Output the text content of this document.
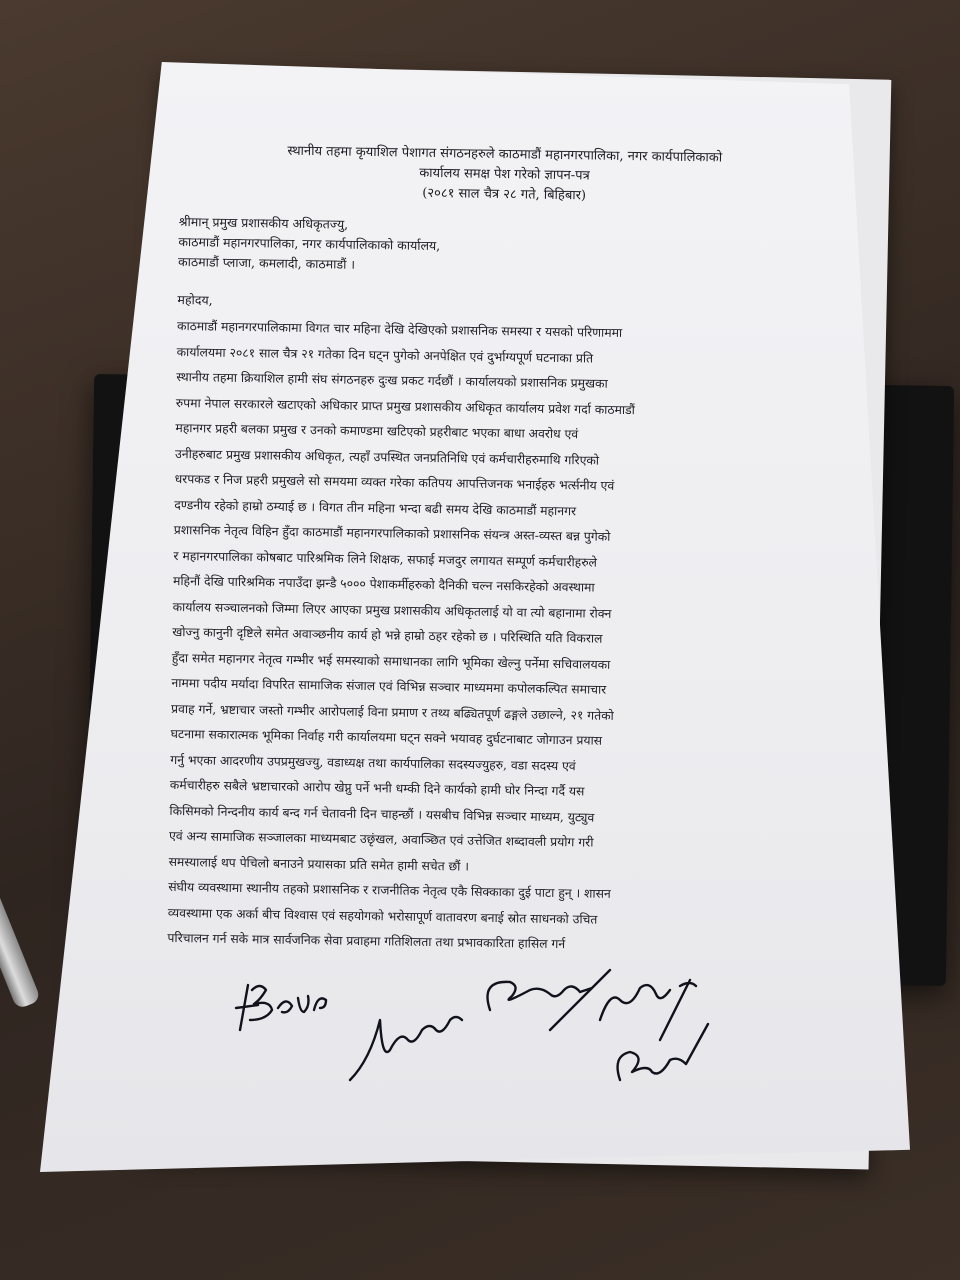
स्थानीय तहमा कृयाशिल पेशागत संगठनहरुले काठमाडौं महानगरपालिका, नगर कार्यपालिकाको
कार्यालय समक्ष पेश गरेको ज्ञापन-पत्र
(२०८१ साल चैत्र २८ गते, बिहिबार)
श्रीमान् प्रमुख प्रशासकीय अधिकृतज्यु,
काठमाडौं महानगरपालिका, नगर कार्यपालिकाको कार्यालय,
काठमाडौं प्लाजा, कमलादी, काठमाडौं ।
महोदय,
काठमाडौं महानगरपालिकामा विगत चार महिना देखि देखिएको प्रशासनिक समस्या र यसको परिणाममा
कार्यालयमा २०८१ साल चैत्र २१ गतेका दिन घट्न पुगेको अनपेक्षित एवं दुर्भाग्यपूर्ण घटनाका प्रति
स्थानीय तहमा क्रियाशिल हामी संघ संगठनहरु दुःख प्रकट गर्दछौं । कार्यालयको प्रशासनिक प्रमुखका
रुपमा नेपाल सरकारले खटाएको अधिकार प्राप्त प्रमुख प्रशासकीय अधिकृत कार्यालय प्रवेश गर्दा काठमाडौं
महानगर प्रहरी बलका प्रमुख र उनको कमाण्डमा खटिएको प्रहरीबाट भएका बाधा अवरोध एवं
उनीहरुबाट प्रमुख प्रशासकीय अधिकृत, त्यहाँ उपस्थित जनप्रतिनिधि एवं कर्मचारीहरुमाथि गरिएको
धरपकड र निज प्रहरी प्रमुखले सो समयमा व्यक्त गरेका कतिपय आपत्तिजनक भनाईहरु भर्त्सनीय एवं
दण्डनीय रहेको हाम्रो ठम्याई छ । विगत तीन महिना भन्दा बढी समय देखि काठमाडौं महानगर
प्रशासनिक नेतृत्व विहिन हुँदा काठमाडौं महानगरपालिकाको प्रशासनिक संयन्त्र अस्त-व्यस्त बन्न पुगेको
र महानगरपालिका कोषबाट पारिश्रमिक लिने शिक्षक, सफाई मजदुर लगायत सम्पूर्ण कर्मचारीहरुले
महिनौं देखि पारिश्रमिक नपाउँदा झन्डै ५००० पेशाकर्मीहरुको दैनिकी चल्न नसकिरहेको अवस्थामा
कार्यालय सञ्चालनको जिम्मा लिएर आएका प्रमुख प्रशासकीय अधिकृतलाई यो वा त्यो बहानामा रोक्न
खोज्नु कानुनी दृष्टिले समेत अवाञ्छनीय कार्य हो भन्ने हाम्रो ठहर रहेको छ । परिस्थिति यति विकराल
हुँदा समेत महानगर नेतृत्व गम्भीर भई समस्याको समाधानका लागि भूमिका खेल्नु पर्नेमा सचिवालयका
नाममा पदीय मर्यादा विपरित सामाजिक संजाल एवं विभिन्न सञ्चार माध्यममा कपोलकल्पित समाचार
प्रवाह गर्ने, भ्रष्टाचार जस्तो गम्भीर आरोपलाई विना प्रमाण र तथ्य बढ्यितपूर्ण ढङ्गले उछाल्ने, २१ गतेको
घटनामा सकारात्मक भूमिका निर्वाह गरी कार्यालयमा घट्न सक्ने भयावह दुर्घटनाबाट जोगाउन प्रयास
गर्नु भएका आदरणीय उपप्रमुखज्यु, वडाध्यक्ष तथा कार्यपालिका सदस्यज्युहरु, वडा सदस्य एवं
कर्मचारीहरु सबैले भ्रष्टाचारको आरोप खेप्नु पर्ने भनी धम्की दिने कार्यको हामी घोर निन्दा गर्दै यस
किसिमको निन्दनीय कार्य बन्द गर्न चेतावनी दिन चाहन्छौं । यसबीच विभिन्न सञ्चार माध्यम, युट्युव
एवं अन्य सामाजिक सञ्जालका माध्यमबाट उछृंखल, अवाञ्छित एवं उत्तेजित शब्दावली प्रयोग गरी
समस्यालाई थप पेचिलो बनाउने प्रयासका प्रति समेत हामी सचेत छौं ।
संघीय व्यवस्थामा स्थानीय तहको प्रशासनिक र राजनीतिक नेतृत्व एकै सिक्काका दुई पाटा हुन् । शासन
व्यवस्थामा एक अर्का बीच विश्वास एवं सहयोगको भरोसापूर्ण वातावरण बनाई स्रोत साधनको उचित
परिचालन गर्न सके मात्र सार्वजनिक सेवा प्रवाहमा गतिशिलता तथा प्रभावकारिता हासिल गर्न
